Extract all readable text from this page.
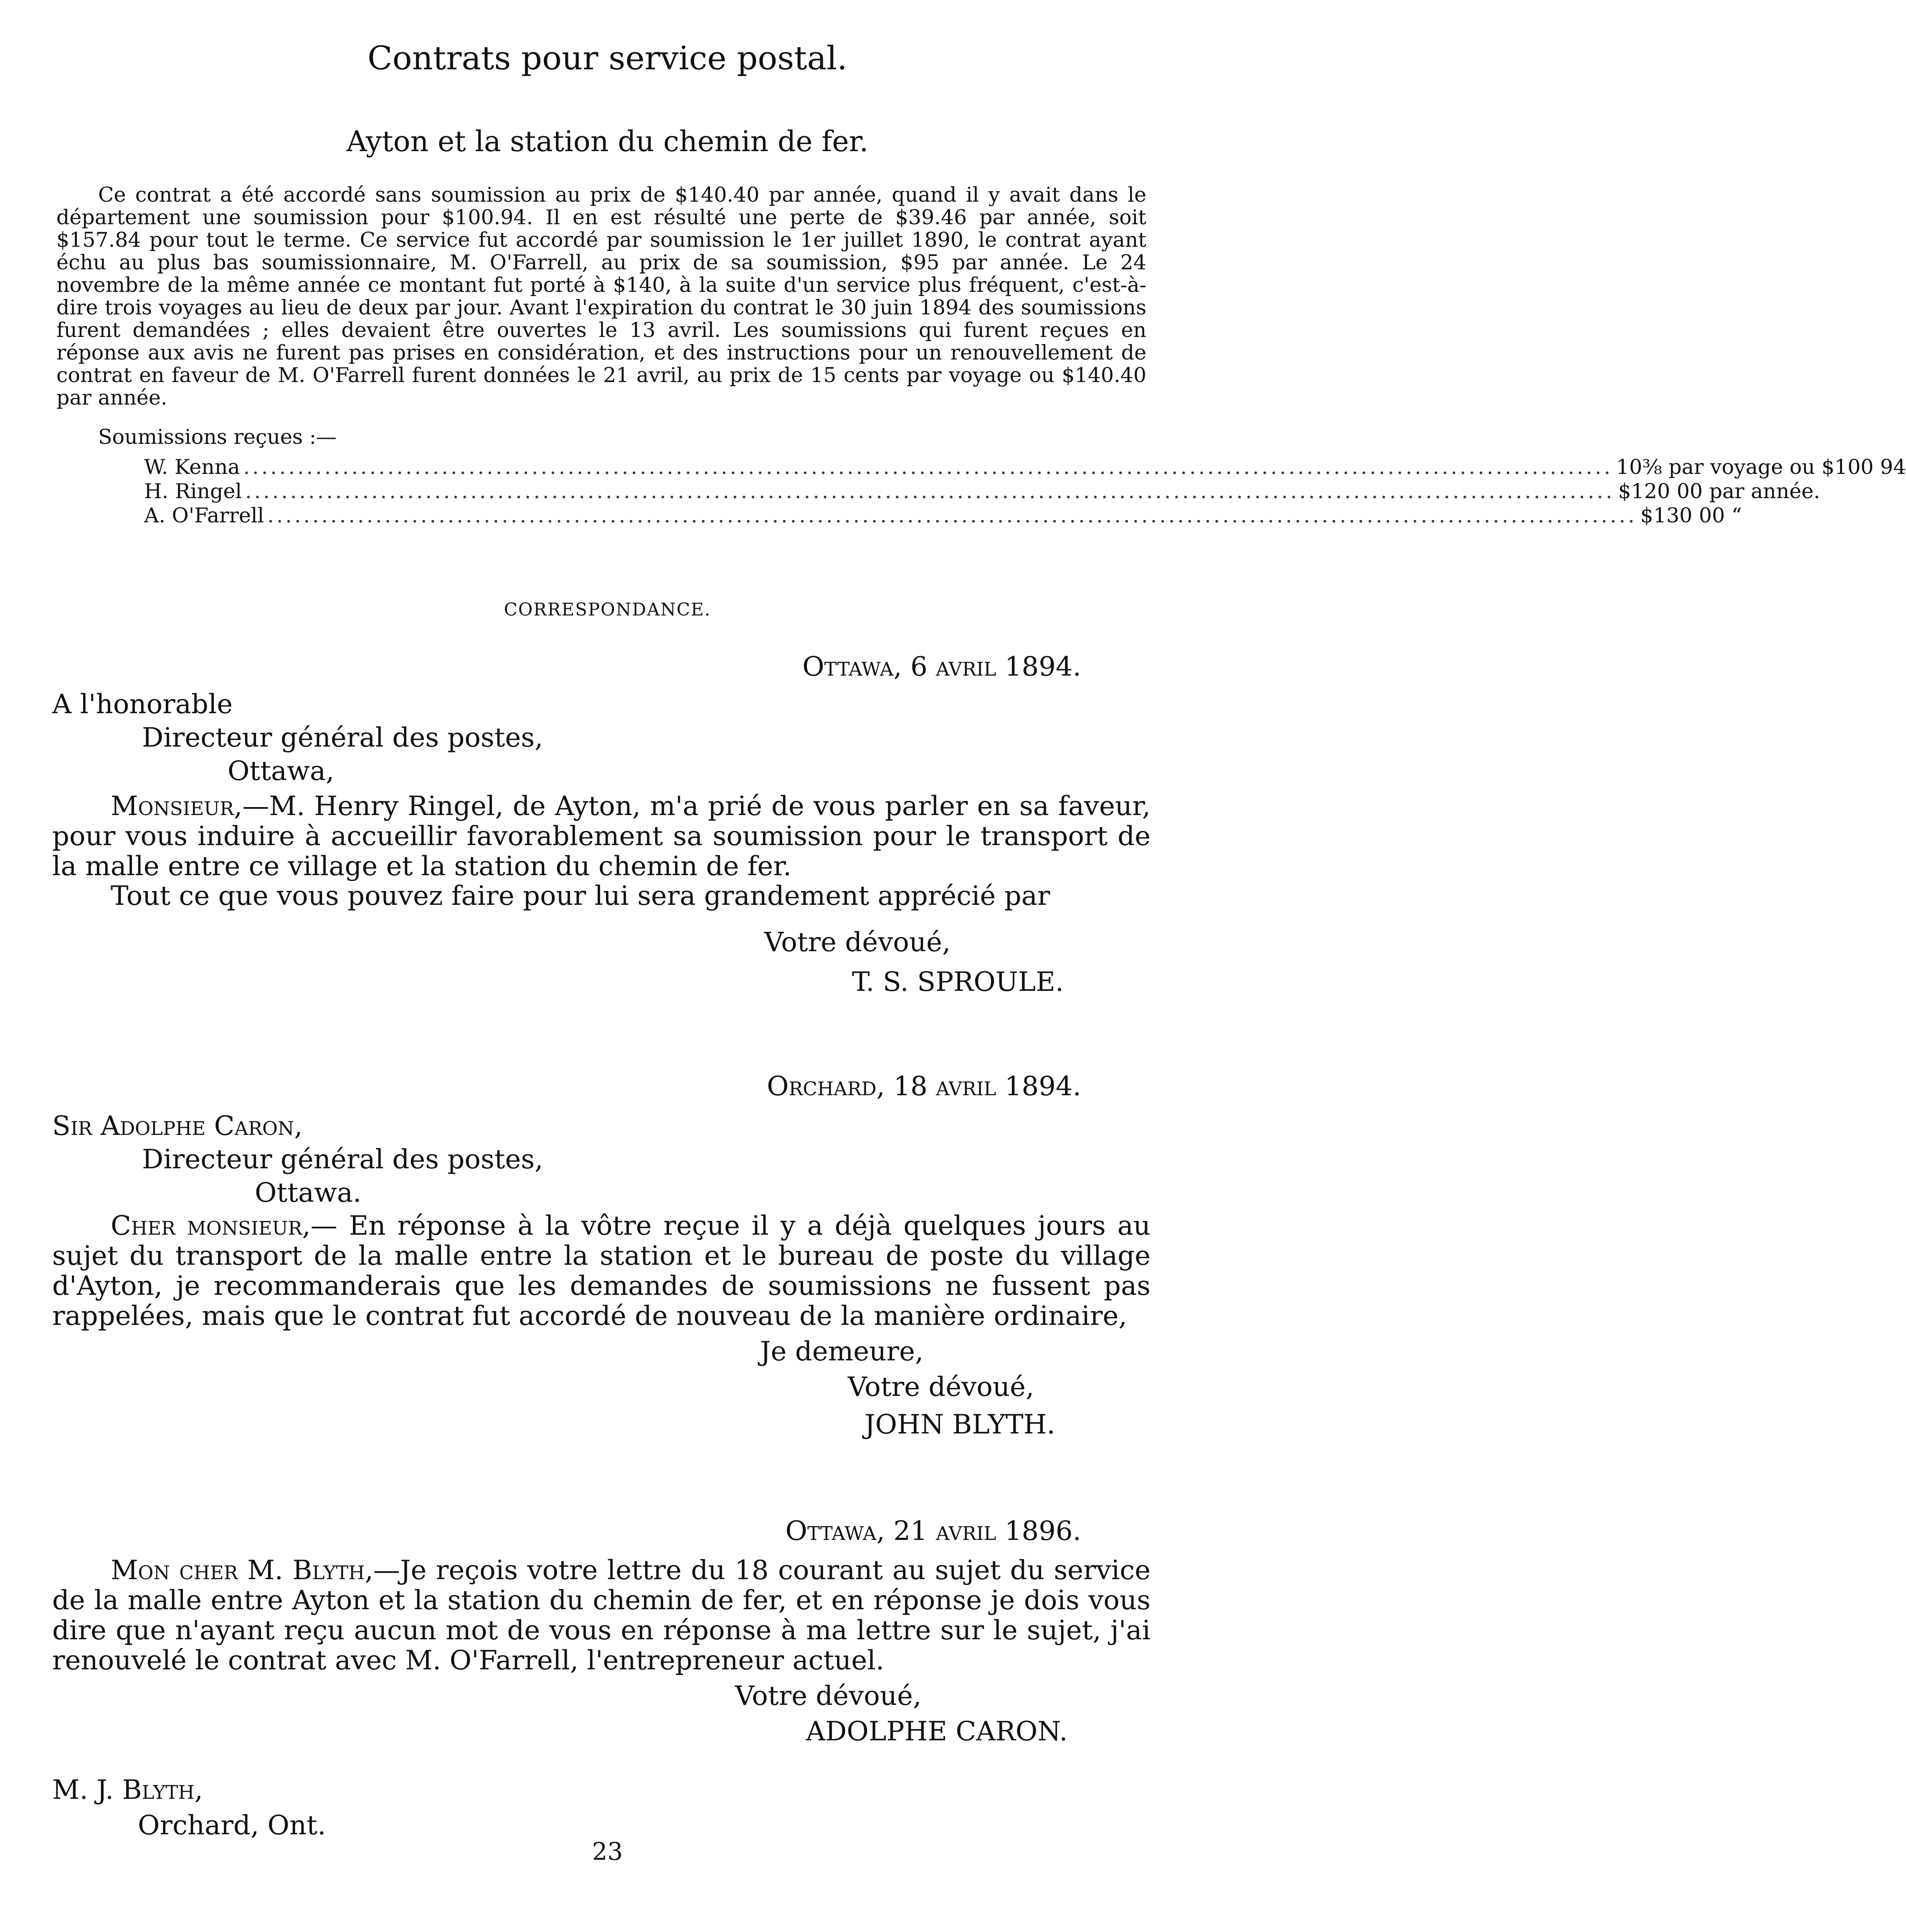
Contrats pour service postal.
Ayton et la station du chemin de fer.
Ce contrat a été accordé sans soumission au prix de $140.40 par année, quand il y avait dans le département une soumission pour $100.94. Il en est résulté une perte de $39.46 par année, soit $157.84 pour tout le terme. Ce service fut accordé par soumission le 1er juillet 1890, le contrat ayant échu au plus bas soumissionnaire, M. O'Farrell, au prix de sa soumission, $95 par année. Le 24 novembre de la même année ce montant fut porté à $140, à la suite d'un service plus fréquent, c'est-à-dire trois voyages au lieu de deux par jour. Avant l'expiration du contrat le 30 juin 1894 des soumissions furent demandées ; elles devaient être ouvertes le 13 avril. Les soumissions qui furent reçues en réponse aux avis ne furent pas prises en considération, et des instructions pour un renouvellement de contrat en faveur de M. O'Farrell furent données le 21 avril, au prix de 15 cents par voyage ou $140.40 par année.
Soumissions reçues :—
W. Kenna ........................................................................................................................................................ 10⅜ par voyage ou $100 94
H. Ringel ........................................................................................................................................................ $120 00 par année.
A. O'Farrell ........................................................................................................................................................ $130 00 “
CORRESPONDANCE.
Ottawa, 6 avril 1894.
A l'honorable
Directeur général des postes,
Ottawa,
Monsieur,—M. Henry Ringel, de Ayton, m'a prié de vous parler en sa faveur, pour vous induire à accueillir favorablement sa soumission pour le transport de la malle entre ce village et la station du chemin de fer.
Tout ce que vous pouvez faire pour lui sera grandement apprécié par
Votre dévoué,
T. S. SPROULE.
Orchard, 18 avril 1894.
Sir Adolphe Caron,
Directeur général des postes,
Ottawa.
Cher monsieur,— En réponse à la vôtre reçue il y a déjà quelques jours au sujet du transport de la malle entre la station et le bureau de poste du village d'Ayton, je recommanderais que les demandes de soumissions ne fussent pas rappelées, mais que le contrat fut accordé de nouveau de la manière ordinaire,
Je demeure,
Votre dévoué,
JOHN BLYTH.
Ottawa, 21 avril 1896.
Mon cher M. Blyth,—Je reçois votre lettre du 18 courant au sujet du service de la malle entre Ayton et la station du chemin de fer, et en réponse je dois vous dire que n'ayant reçu aucun mot de vous en réponse à ma lettre sur le sujet, j'ai renouvelé le contrat avec M. O'Farrell, l'entrepreneur actuel.
Votre dévoué,
ADOLPHE CARON.
M. J. Blyth,
Orchard, Ont.
23
